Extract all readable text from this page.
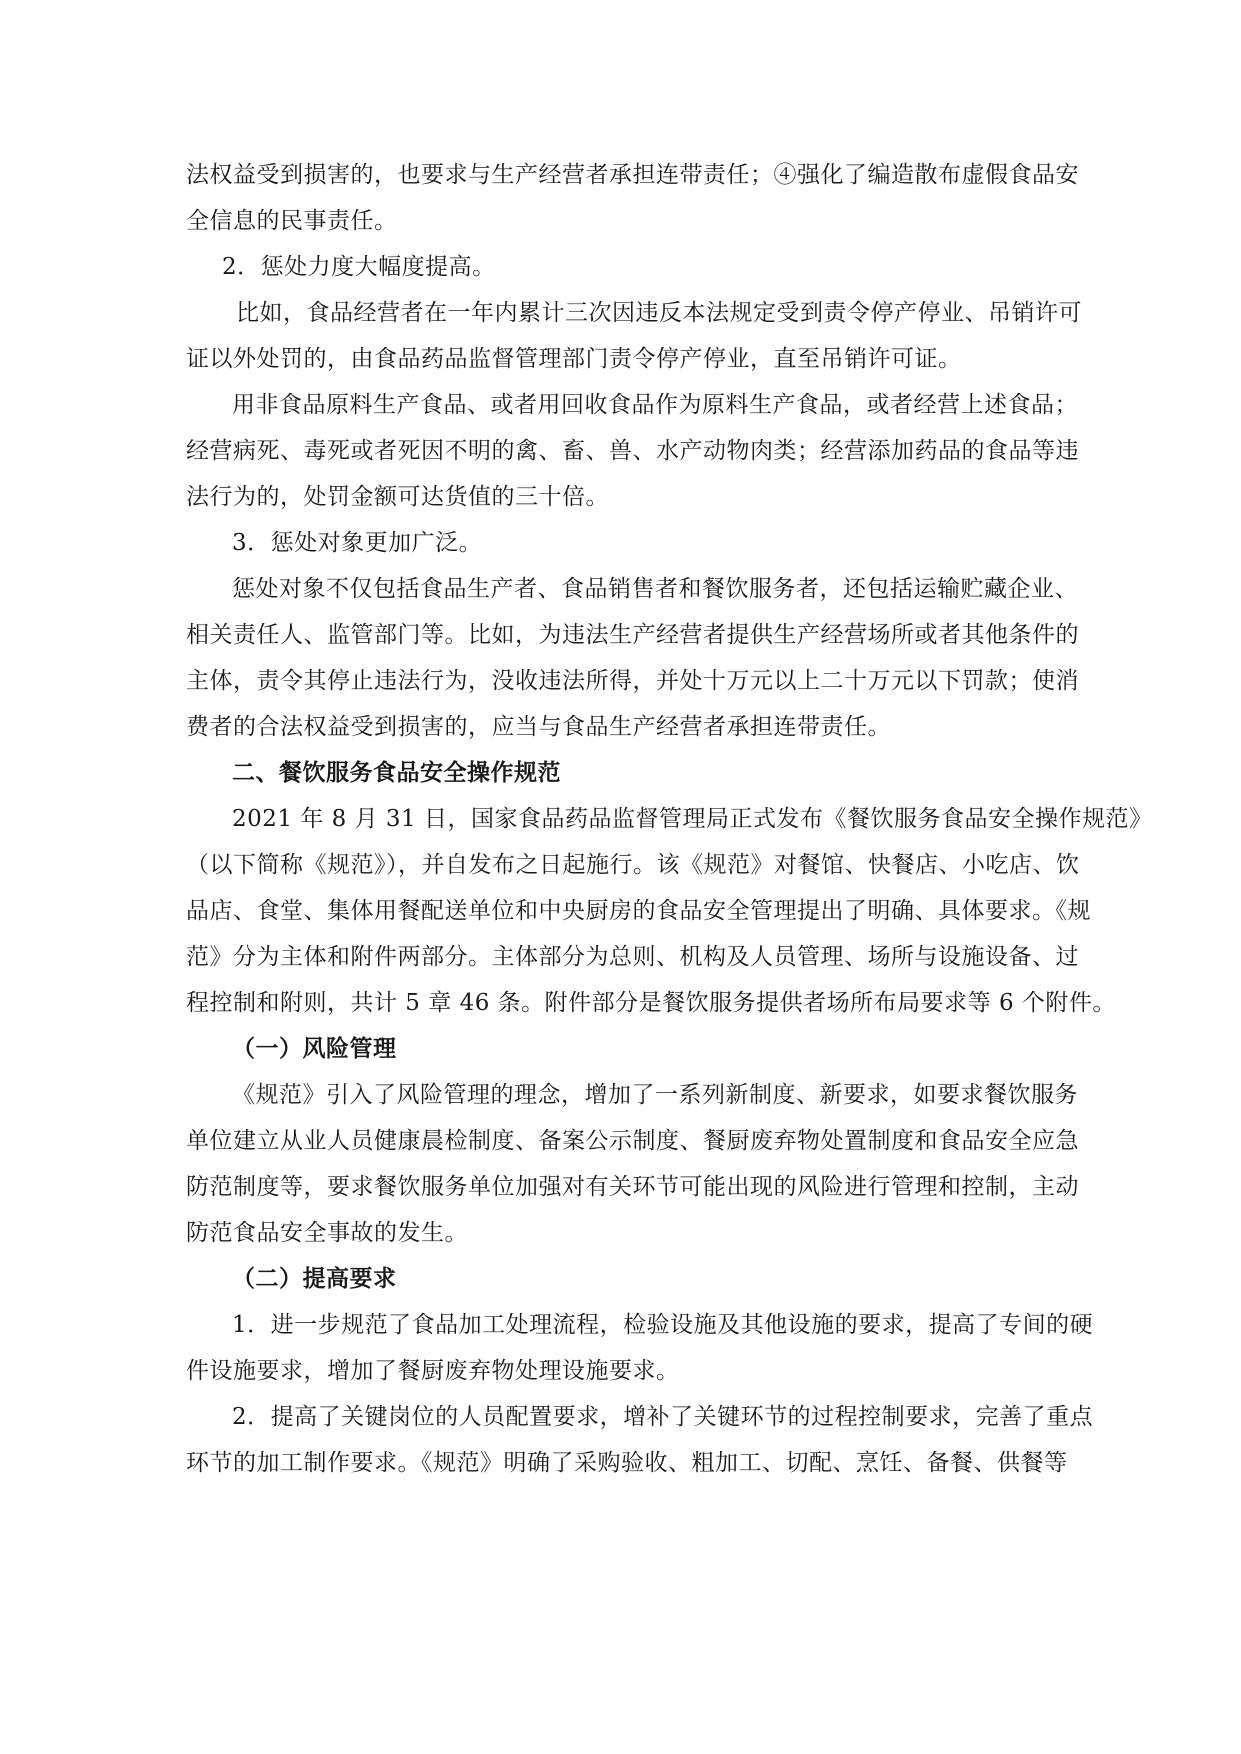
法权益受到损害的，也要求与生产经营者承担连带责任；④强化了编造散布虚假食品安
全信息的民事责任。
2．惩处力度大幅度提高。
比如，食品经营者在一年内累计三次因违反本法规定受到责令停产停业、吊销许可
证以外处罚的，由食品药品监督管理部门责令停产停业，直至吊销许可证。
用非食品原料生产食品、或者用回收食品作为原料生产食品，或者经营上述食品；
经营病死、毒死或者死因不明的禽、畜、兽、水产动物肉类；经营添加药品的食品等违
法行为的，处罚金额可达货值的三十倍。
3．惩处对象更加广泛。
惩处对象不仅包括食品生产者、食品销售者和餐饮服务者，还包括运输贮藏企业、
相关责任人、监管部门等。比如，为违法生产经营者提供生产经营场所或者其他条件的
主体，责令其停止违法行为，没收违法所得，并处十万元以上二十万元以下罚款；使消
费者的合法权益受到损害的，应当与食品生产经营者承担连带责任。
二、餐饮服务食品安全操作规范
2021 年 8 月 31 日，国家食品药品监督管理局正式发布《餐饮服务食品安全操作规范》
（以下简称《规范》），并自发布之日起施行。该《规范》对餐馆、快餐店、小吃店、饮
品店、食堂、集体用餐配送单位和中央厨房的食品安全管理提出了明确、具体要求。《规
范》分为主体和附件两部分。主体部分为总则、机构及人员管理、场所与设施设备、过
程控制和附则，共计 5 章 46 条。附件部分是餐饮服务提供者场所布局要求等 6 个附件。
（一）风险管理
《规范》引入了风险管理的理念，增加了一系列新制度、新要求，如要求餐饮服务
单位建立从业人员健康晨检制度、备案公示制度、餐厨废弃物处置制度和食品安全应急
防范制度等，要求餐饮服务单位加强对有关环节可能出现的风险进行管理和控制，主动
防范食品安全事故的发生。
（二）提高要求
1．进一步规范了食品加工处理流程，检验设施及其他设施的要求，提高了专间的硬
件设施要求，增加了餐厨废弃物处理设施要求。
2．提高了关键岗位的人员配置要求，增补了关键环节的过程控制要求，完善了重点
环节的加工制作要求。《规范》明确了采购验收、粗加工、切配、烹饪、备餐、供餐等
